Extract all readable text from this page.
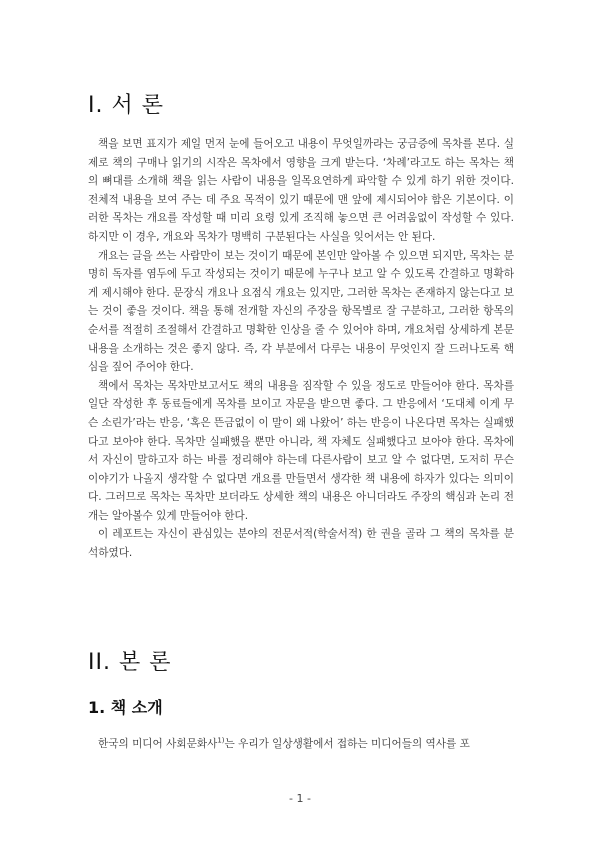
I. 서 론

책을 보면 표지가 제일 먼저 눈에 들어오고 내용이 무엇일까라는 궁금증에 목차를 본다. 실제로 책의 구매나 읽기의 시작은 목차에서 영향을 크게 받는다. ‘차례’라고도 하는 목차는 책의 뼈대를 소개해 책을 읽는 사람이 내용을 일목요연하게 파악할 수 있게 하기 위한 것이다. 전체적 내용을 보여 주는 데 주요 목적이 있기 때문에 맨 앞에 제시되어야 함은 기본이다. 이러한 목차는 개요를 작성할 때 미리 요령 있게 조직해 놓으면 큰 어려움없이 작성할 수 있다. 하지만 이 경우, 개요와 목차가 명백히 구분된다는 사실을 잊어서는 안 된다.

개요는 글을 쓰는 사람만이 보는 것이기 때문에 본인만 알아볼 수 있으면 되지만, 목차는 분명히 독자를 염두에 두고 작성되는 것이기 때문에 누구나 보고 알 수 있도록 간결하고 명확하게 제시해야 한다. 문장식 개요나 요점식 개요는 있지만, 그러한 목차는 존재하지 않는다고 보는 것이 좋을 것이다. 책을 통해 전개할 자신의 주장을 항목별로 잘 구분하고, 그러한 항목의 순서를 적절히 조절해서 간결하고 명확한 인상을 줄 수 있어야 하며, 개요처럼 상세하게 본문 내용을 소개하는 것은 좋지 않다. 즉, 각 부분에서 다루는 내용이 무엇인지 잘 드러나도록 핵심을 짚어 주어야 한다.

책에서 목차는 목차만보고서도 책의 내용을 짐작할 수 있을 정도로 만들어야 한다. 목차를 일단 작성한 후 동료들에게 목차를 보이고 자문을 받으면 좋다. 그 반응에서 ‘도대체 이게 무슨 소린가’라는 반응, ‘혹은 뜬금없이 이 말이 왜 나왔어’ 하는 반응이 나온다면 목차는 실패했다고 보아야 한다. 목차만 실패했을 뿐만 아니라, 책 자체도 실패했다고 보아야 한다. 목차에서 자신이 말하고자 하는 바를 정리해야 하는데 다른사람이 보고 알 수 없다면, 도저히 무슨 이야기가 나올지 생각할 수 없다면 개요를 만들면서 생각한 책 내용에 하자가 있다는 의미이다. 그러므로 목차는 목차만 보더라도 상세한 책의 내용은 아니더라도 주장의 핵심과 논리 전개는 알아볼수 있게 만들어야 한다.

이 레포트는 자신이 관심있는 분야의 전문서적(학술서적) 한 권을 골라 그 책의 목차를 분석하였다.

II. 본 론
1. 책 소개

한국의 미디어 사회문화사$^{1)}$는 우리가 일상생활에서 접하는 미디어들의 역사를 포

- 1 -
